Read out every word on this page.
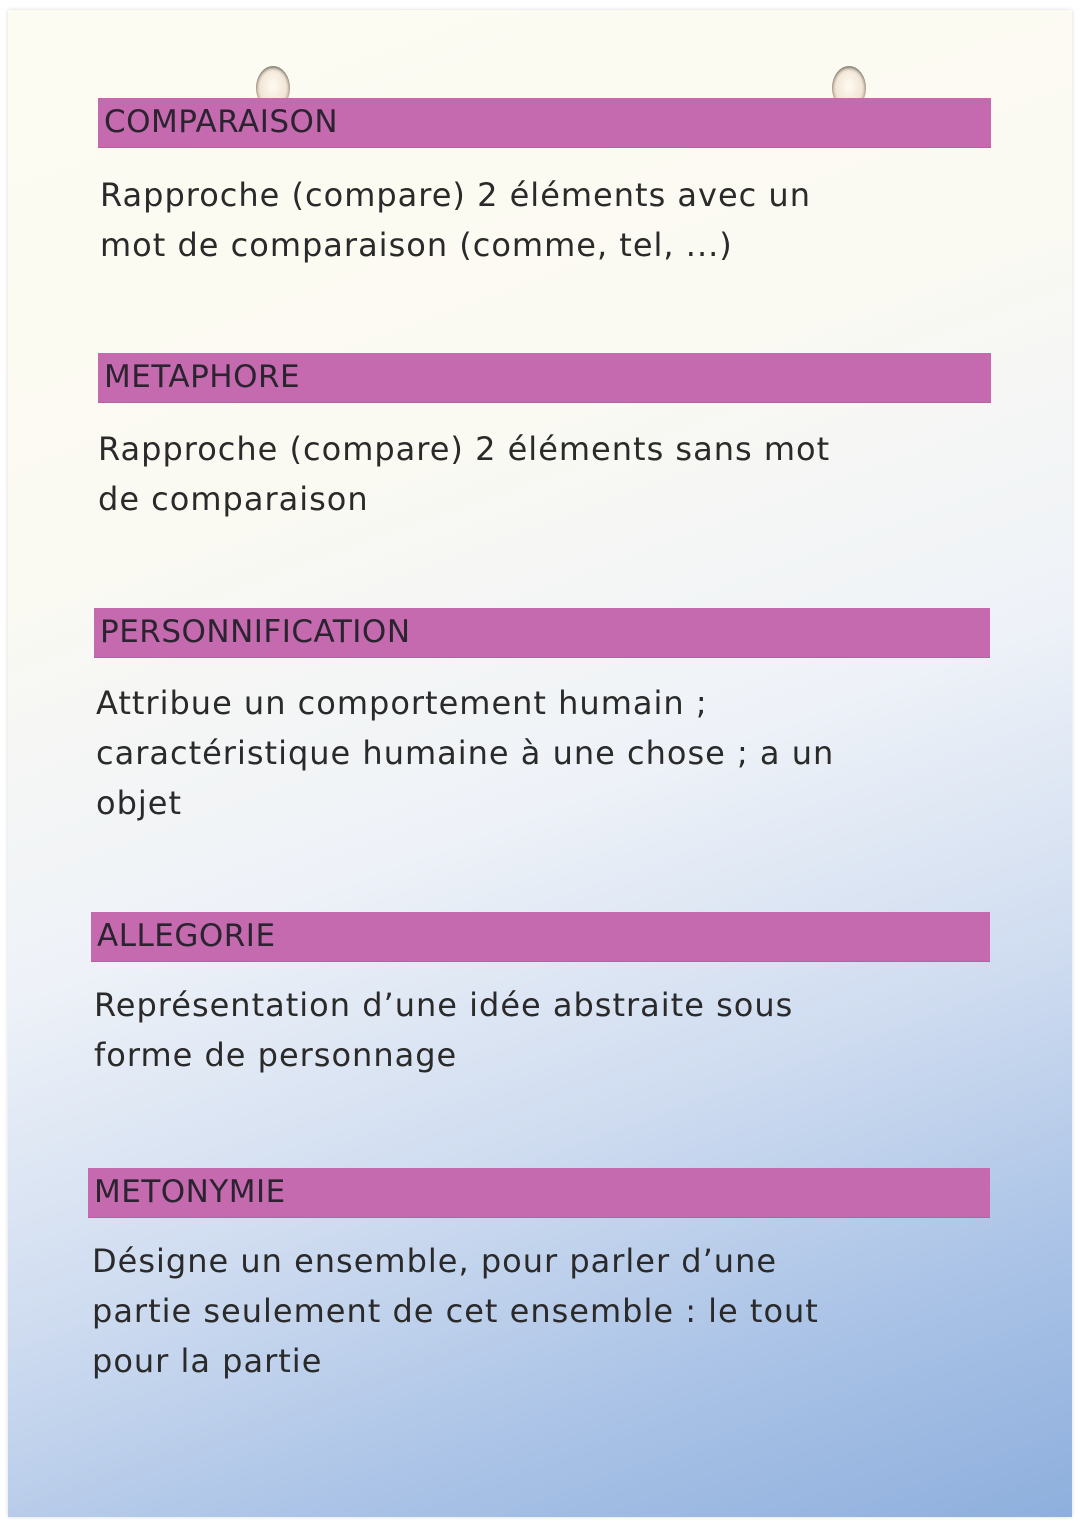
COMPARAISON
Rapproche (compare) 2 éléments avec un
mot de comparaison (comme, tel, ...)
METAPHORE
Rapproche (compare) 2 éléments sans mot
de comparaison
PERSONNIFICATION
Attribue un comportement humain ;
caractéristique humaine à une chose ; a un
objet
ALLEGORIE
Représentation d’une idée abstraite sous
forme de personnage
METONYMIE
Désigne un ensemble, pour parler d’une
partie seulement de cet ensemble : le tout
pour la partie
